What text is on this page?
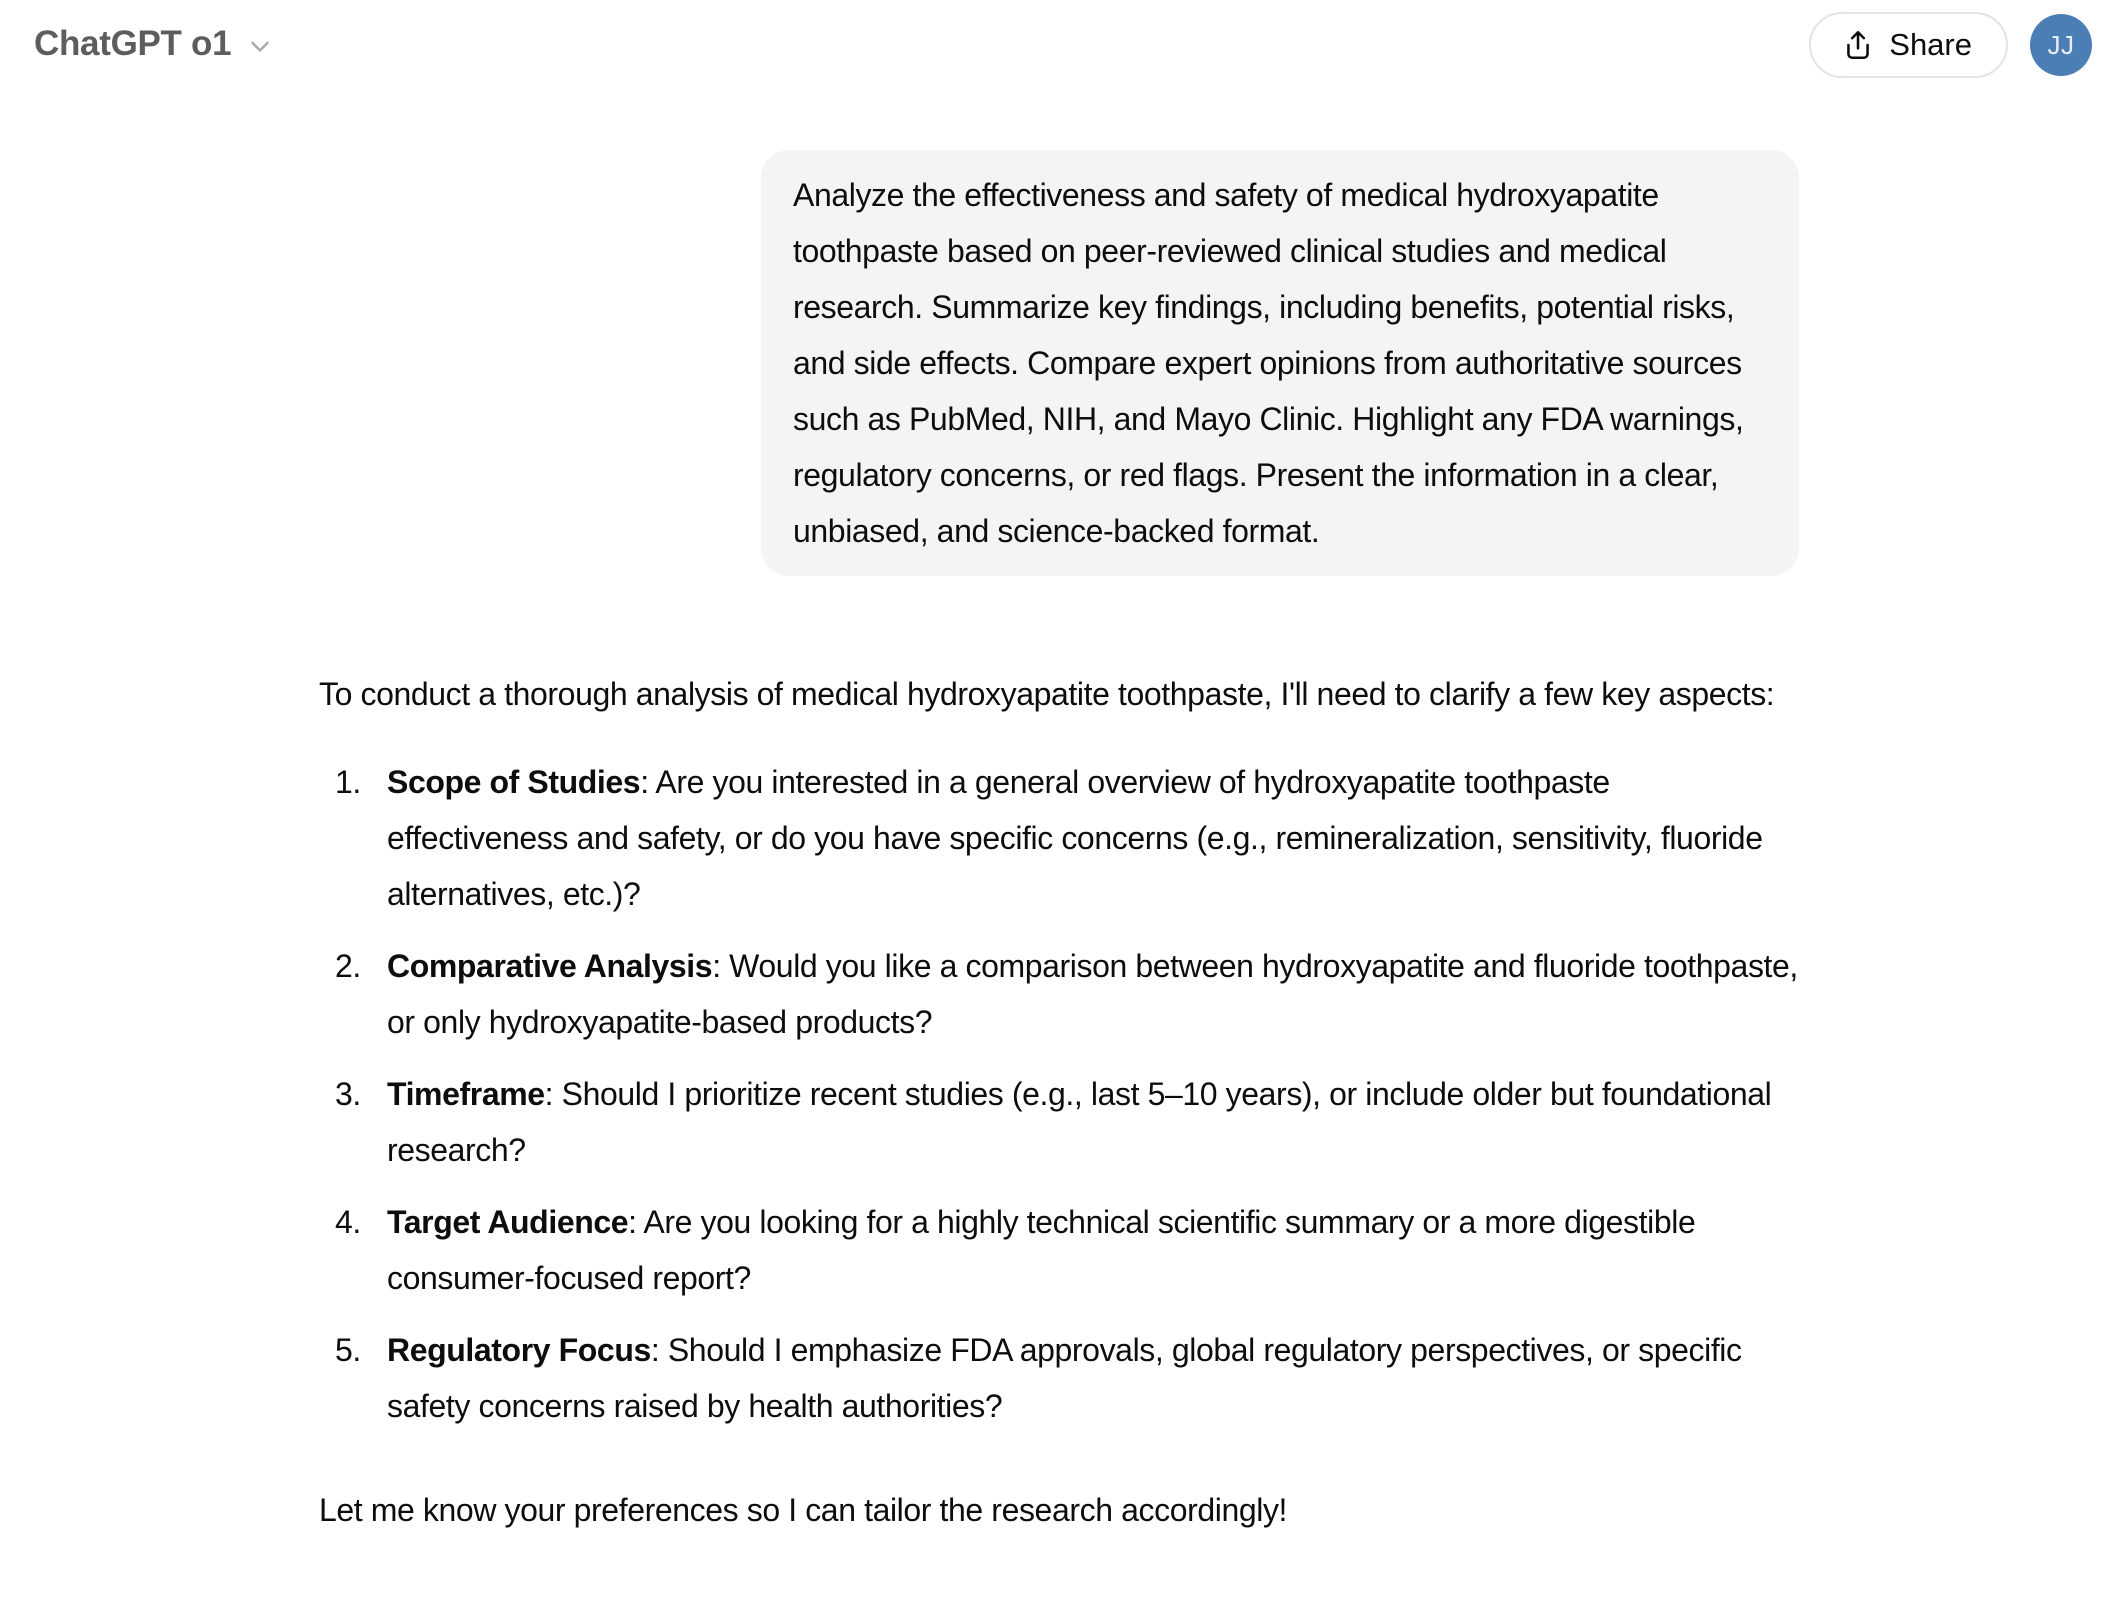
ChatGPT o1	Share	JJ
Analyze the effectiveness and safety of medical hydroxyapatite toothpaste based on peer-reviewed clinical studies and medical research. Summarize key findings, including benefits, potential risks, and side effects. Compare expert opinions from authoritative sources such as PubMed, NIH, and Mayo Clinic. Highlight any FDA warnings, regulatory concerns, or red flags. Present the information in a clear, unbiased, and science-backed format.

To conduct a thorough analysis of medical hydroxyapatite toothpaste, I'll need to clarify a few key aspects:

1. Scope of Studies: Are you interested in a general overview of hydroxyapatite toothpaste effectiveness and safety, or do you have specific concerns (e.g., remineralization, sensitivity, fluoride alternatives, etc.)?
2. Comparative Analysis: Would you like a comparison between hydroxyapatite and fluoride toothpaste, or only hydroxyapatite-based products?
3. Timeframe: Should I prioritize recent studies (e.g., last 5–10 years), or include older but foundational research?
4. Target Audience: Are you looking for a highly technical scientific summary or a more digestible consumer-focused report?
5. Regulatory Focus: Should I emphasize FDA approvals, global regulatory perspectives, or specific safety concerns raised by health authorities?

Let me know your preferences so I can tailor the research accordingly!
